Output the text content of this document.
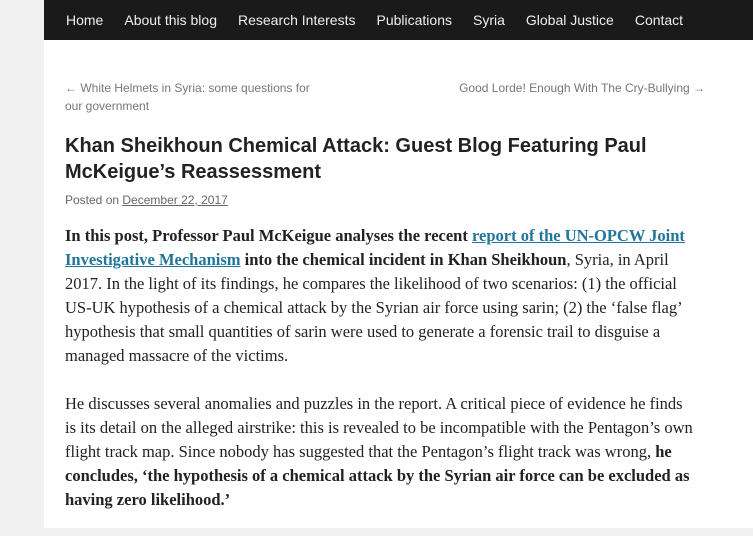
Home	About this blog	Research Interests	Publications	Syria	Global Justice	Contact
← White Helmets in Syria: some questions for our government
Good Lorde! Enough With The Cry-Bullying →
Khan Sheikhoun Chemical Attack: Guest Blog Featuring Paul McKeigue’s Reassessment
Posted on December 22, 2017

In this post, Professor Paul McKeigue analyses the recent report of the UN-OPCW Joint Investigative Mechanism into the chemical incident in Khan Sheikhoun, Syria, in April 2017. In the light of its findings, he compares the likelihood of two scenarios: (1) the official US-UK hypothesis of a chemical attack by the Syrian air force using sarin; (2) the ‘false flag’ hypothesis that small quantities of sarin were used to generate a forensic trail to disguise a managed massacre of the victims.

He discusses several anomalies and puzzles in the report. A critical piece of evidence he finds is its detail on the alleged airstrike: this is revealed to be incompatible with the Pentagon’s own flight track map. Since nobody has suggested that the Pentagon’s flight track was wrong, he concludes, ‘the hypothesis of a chemical attack by the Syrian air force can be excluded as having zero likelihood.’
